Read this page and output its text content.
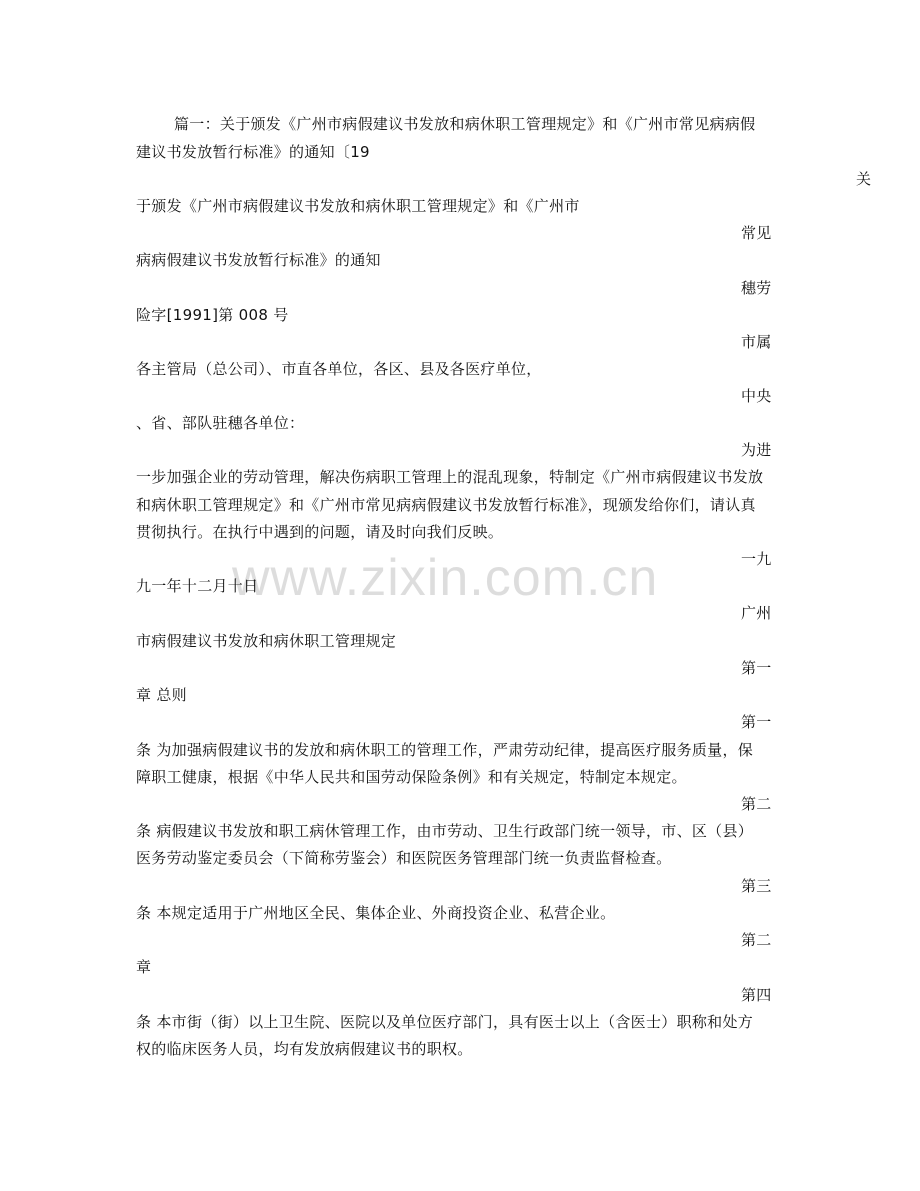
篇一：关于颁发《广州市病假建议书发放和病休职工管理规定》和《广州市常见病病假
建议书发放暂行标准》的通知〔19
关
于颁发《广州市病假建议书发放和病休职工管理规定》和《广州市
常见
病病假建议书发放暂行标准》的通知
穗劳
险字[1991]第 008 号
市属
各主管局（总公司）、市直各单位，各区、县及各医疗单位，
中央
、省、部队驻穗各单位：
为进
一步加强企业的劳动管理，解决伤病职工管理上的混乱现象，特制定《广州市病假建议书发放
和病休职工管理规定》和《广州市常见病病假建议书发放暂行标准》，现颁发给你们，请认真
贯彻执行。在执行中遇到的问题，请及时向我们反映。
一九
九一年十二月十日
广州
市病假建议书发放和病休职工管理规定
第一
章 总则
第一
条 为加强病假建议书的发放和病休职工的管理工作，严肃劳动纪律，提高医疗服务质量，保
障职工健康，根据《中华人民共和国劳动保险条例》和有关规定，特制定本规定。
第二
条 病假建议书发放和职工病休管理工作，由市劳动、卫生行政部门统一领导，市、区（县）
医务劳动鉴定委员会（下简称劳鉴会）和医院医务管理部门统一负责监督检查。
第三
条 本规定适用于广州地区全民、集体企业、外商投资企业、私营企业。
第二
章
第四
条 本市街（街）以上卫生院、医院以及单位医疗部门，具有医士以上（含医士）职称和处方
权的临床医务人员，均有发放病假建议书的职权。
www.zixin.com.cn
